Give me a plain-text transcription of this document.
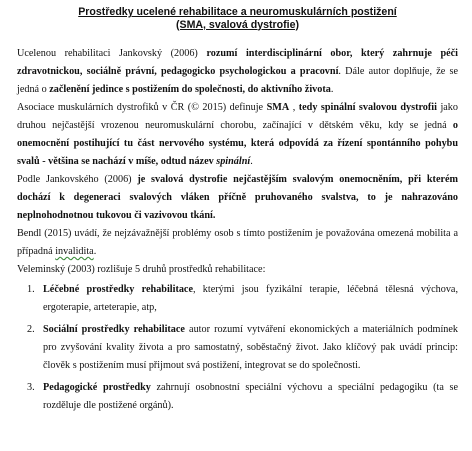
Prostředky ucelené rehabilitace a neuromuskulárních postižení
(SMA, svalová dystrofie)

Ucelenou rehabilitaci Jankovský (2006) rozumí interdisciplinární obor, který zahrnuje péči zdravotnickou, sociálně právní, pedagogicko psychologickou a pracovní. Dále autor doplňuje, že se jedná o začlenění jedince s postižením do společnosti, do aktivního života.

Asociace muskulárních dystrofiků v ČR (© 2015) definuje SMA , tedy spinální svalovou dystrofii jako druhou nejčastější vrozenou neuromuskulární chorobu, začínající v dětském věku, kdy se jedná o onemocnění postihující tu část nervového systému, která odpovídá za řízení spontánního pohybu svalů - většina se nachází v míše, odtud název spinální.

Podle Jankovského (2006) je svalová dystrofie nejčastějším svalovým onemocněním, při kterém dochází k degeneraci svalových vláken příčně pruhovaného svalstva, to je nahrazováno neplnohodnotnou tukovou či vazivovou tkání.

Bendl (2015) uvádí, že nejzávažnější problémy osob s tímto postižením je považována omezená mobilita a případná invalidita.

Veleminský (2003) rozlišuje 5 druhů prostředků rehabilitace:

1. Léčebné prostředky rehabilitace, kterými jsou fyzikální terapie, léčebná tělesná výchova, ergoterapie, arteterapie, atp,
2. Sociální prostředky rehabilitace autor rozumí vytváření ekonomických a materiálních podmínek pro zvyšování kvality života a pro samostatný, soběstačný život. Jako klíčový pak uvádí princip: člověk s postižením musí přijmout svá postižení, integrovat se do společnosti.
3. Pedagogické prostředky zahrnují osobnostní speciální výchovu a speciální pedagogiku (ta se rozděluje dle postižené orgánů).
